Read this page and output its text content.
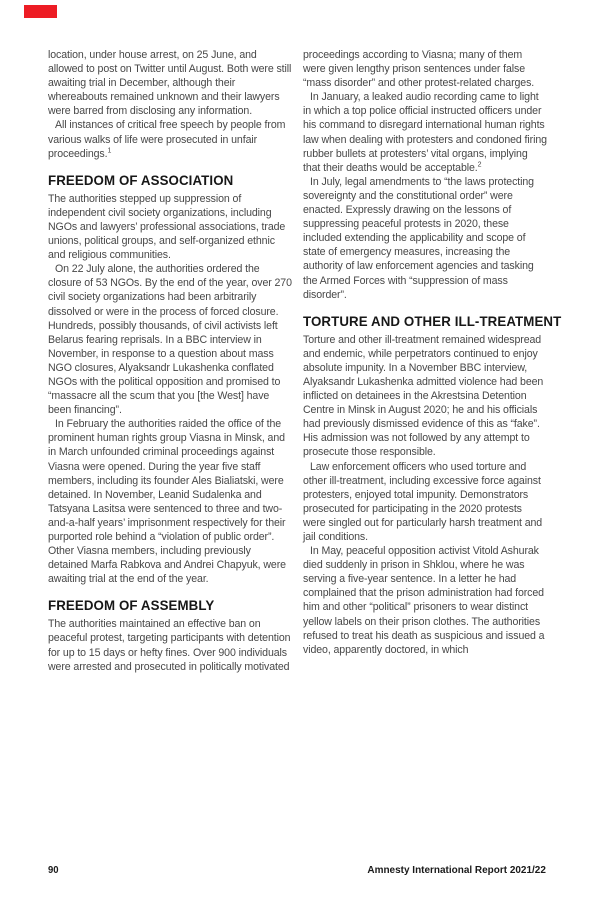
location, under house arrest, on 25 June, and allowed to post on Twitter until August. Both were still awaiting trial in December, although their whereabouts remained unknown and their lawyers were barred from disclosing any information.

All instances of critical free speech by people from various walks of life were prosecuted in unfair proceedings.$^1$

FREEDOM OF ASSOCIATION

The authorities stepped up suppression of independent civil society organizations, including NGOs and lawyers’ professional associations, trade unions, political groups, and self-organized ethnic and religious communities.

On 22 July alone, the authorities ordered the closure of 53 NGOs. By the end of the year, over 270 civil society organizations had been arbitrarily dissolved or were in the process of forced closure. Hundreds, possibly thousands, of civil activists left Belarus fearing reprisals. In a BBC interview in November, in response to a question about mass NGO closures, Alyaksandr Lukashenka conflated NGOs with the political opposition and promised to “massacre all the scum that you [the West] have been financing”.

In February the authorities raided the office of the prominent human rights group Viasna in Minsk, and in March unfounded criminal proceedings against Viasna were opened. During the year five staff members, including its founder Ales Bialiatski, were detained. In November, Leanid Sudalenka and Tatsyana Lasitsa were sentenced to three and two-and-a-half years’ imprisonment respectively for their purported role behind a “violation of public order”. Other Viasna members, including previously detained Marfa Rabkova and Andrei Chapyuk, were awaiting trial at the end of the year.

FREEDOM OF ASSEMBLY

The authorities maintained an effective ban on peaceful protest, targeting participants with detention for up to 15 days or hefty fines. Over 900 individuals were arrested and prosecuted in politically motivated

proceedings according to Viasna; many of them were given lengthy prison sentences under false “mass disorder” and other protest-related charges.

In January, a leaked audio recording came to light in which a top police official instructed officers under his command to disregard international human rights law when dealing with protesters and condoned firing rubber bullets at protesters’ vital organs, implying that their deaths would be acceptable.$^2$

In July, legal amendments to “the laws protecting sovereignty and the constitutional order” were enacted. Expressly drawing on the lessons of suppressing peaceful protests in 2020, these included extending the applicability and scope of state of emergency measures, increasing the authority of law enforcement agencies and tasking the Armed Forces with “suppression of mass disorder”.

TORTURE AND OTHER ILL-TREATMENT

Torture and other ill-treatment remained widespread and endemic, while perpetrators continued to enjoy absolute impunity. In a November BBC interview, Alyaksandr Lukashenka admitted violence had been inflicted on detainees in the Akrestsina Detention Centre in Minsk in August 2020; he and his officials had previously dismissed evidence of this as “fake”. His admission was not followed by any attempt to prosecute those responsible.

Law enforcement officers who used torture and other ill-treatment, including excessive force against protesters, enjoyed total impunity. Demonstrators prosecuted for participating in the 2020 protests were singled out for particularly harsh treatment and jail conditions.

In May, peaceful opposition activist Vitold Ashurak died suddenly in prison in Shklou, where he was serving a five-year sentence. In a letter he had complained that the prison administration had forced him and other “political” prisoners to wear distinct yellow labels on their prison clothes. The authorities refused to treat his death as suspicious and issued a video, apparently doctored, in which

90	Amnesty International Report 2021/22
